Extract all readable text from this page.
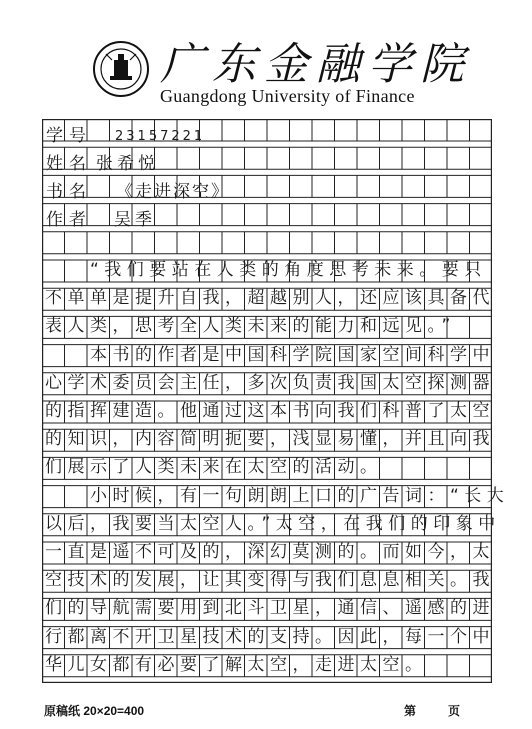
广东金融学院
Guangdong University of Finance
学号 23157221
姓名 张希悦
书名 《走进深空》
作者 吴季
“我们要站在人类的角度思考未来。要只
不单单是提升自我，超越别人，还应该具备代
表人类，思考全人类未来的能力和远见。”
本书的作者是中国科学院国家空间科学中
心学术委员会主任，多次负责我国太空探测器
的指挥建造。他通过这本书向我们科普了太空
的知识，内容简明扼要，浅显易懂，并且向我
们展示了人类未来在太空的活动。
小时候，有一句朗朗上口的广告词：“长大
以后，我要当太空人。”太空，在我们的印象中
一直是遥不可及的，深幻莫测的。而如今，太
空技术的发展，让其变得与我们息息相关。我
们的导航需要用到北斗卫星，通信、遥感的进
行都离不开卫星技术的支持。因此，每一个中
华儿女都有必要了解太空，走进太空。
原稿纸 20×20=400	第	页
